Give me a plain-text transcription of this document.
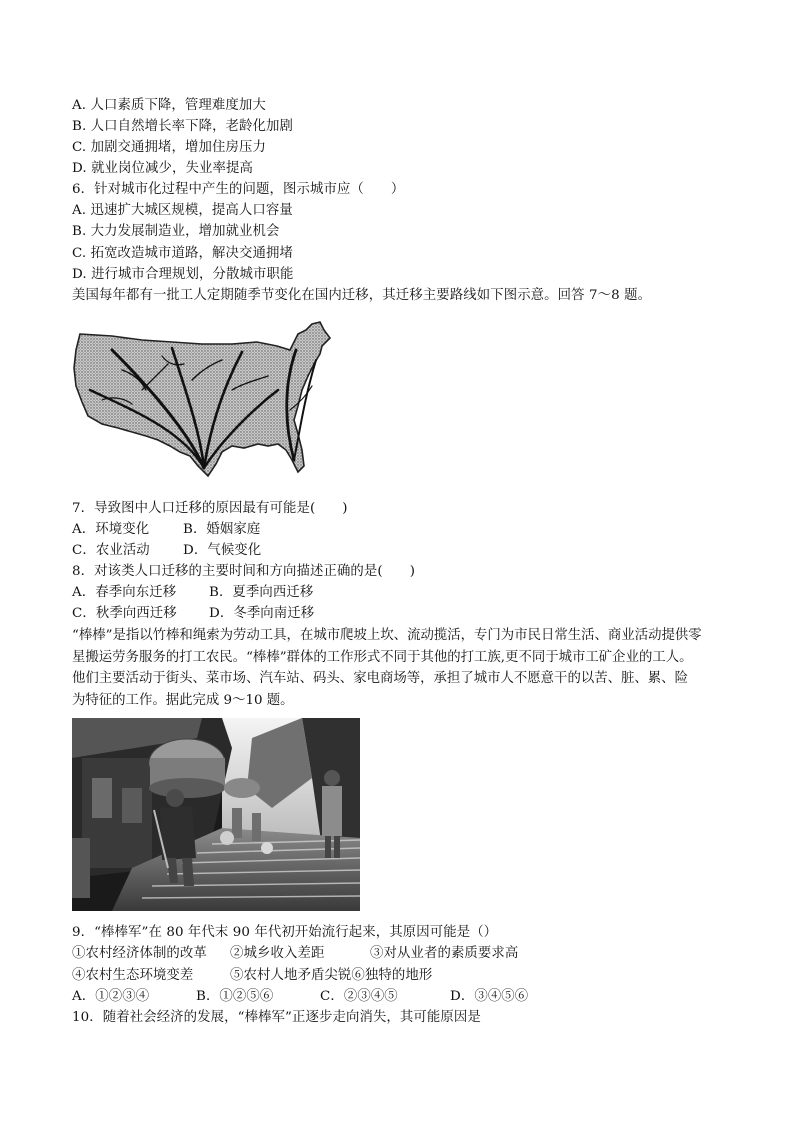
A. 人口素质下降，管理难度加大
B. 人口自然增长率下降，老龄化加剧
C. 加剧交通拥堵，增加住房压力
D. 就业岗位减少，失业率提高
6．针对城市化过程中产生的问题，图示城市应（　　）
A. 迅速扩大城区规模，提高人口容量
B. 大力发展制造业，增加就业机会
C. 拓宽改造城市道路，解决交通拥堵
D. 进行城市合理规划，分散城市职能
美国每年都有一批工人定期随季节变化在国内迁移，其迁移主要路线如下图示意。回答 7～8 题。
7．导致图中人口迁移的原因最有可能是(　　)
A．环境变化	B．婚姻家庭
C．农业活动 D．气候变化
8．对该类人口迁移的主要时间和方向描述正确的是(　　)
A．春季向东迁移 B．夏季向西迁移
C．秋季向西迁移 D．冬季向南迁移
“棒棒”是指以竹棒和绳索为劳动工具，在城市爬坡上坎、流动揽活，专门为市民日常生活、商业活动提供零
星搬运劳务服务的打工农民。“棒棒”群体的工作形式不同于其他的打工族,更不同于城市工矿企业的工人。
他们主要活动于街头、菜市场、汽车站、码头、家电商场等，承担了城市人不愿意干的以苦、脏、累、险
为特征的工作。据此完成 9～10 题。
9．“棒棒军”在 80 年代末 90 年代初开始流行起来，其原因可能是（）
①农村经济体制的改革 ②城乡收入差距	③对从业者的素质要求高
④农村生态环境变差	⑤农村人地矛盾尖锐⑥独特的地形
A．①②③④	B．①②⑤⑥	C．②③④⑤	D．③④⑤⑥
10．随着社会经济的发展，“棒棒军”正逐步走向消失，其可能原因是
